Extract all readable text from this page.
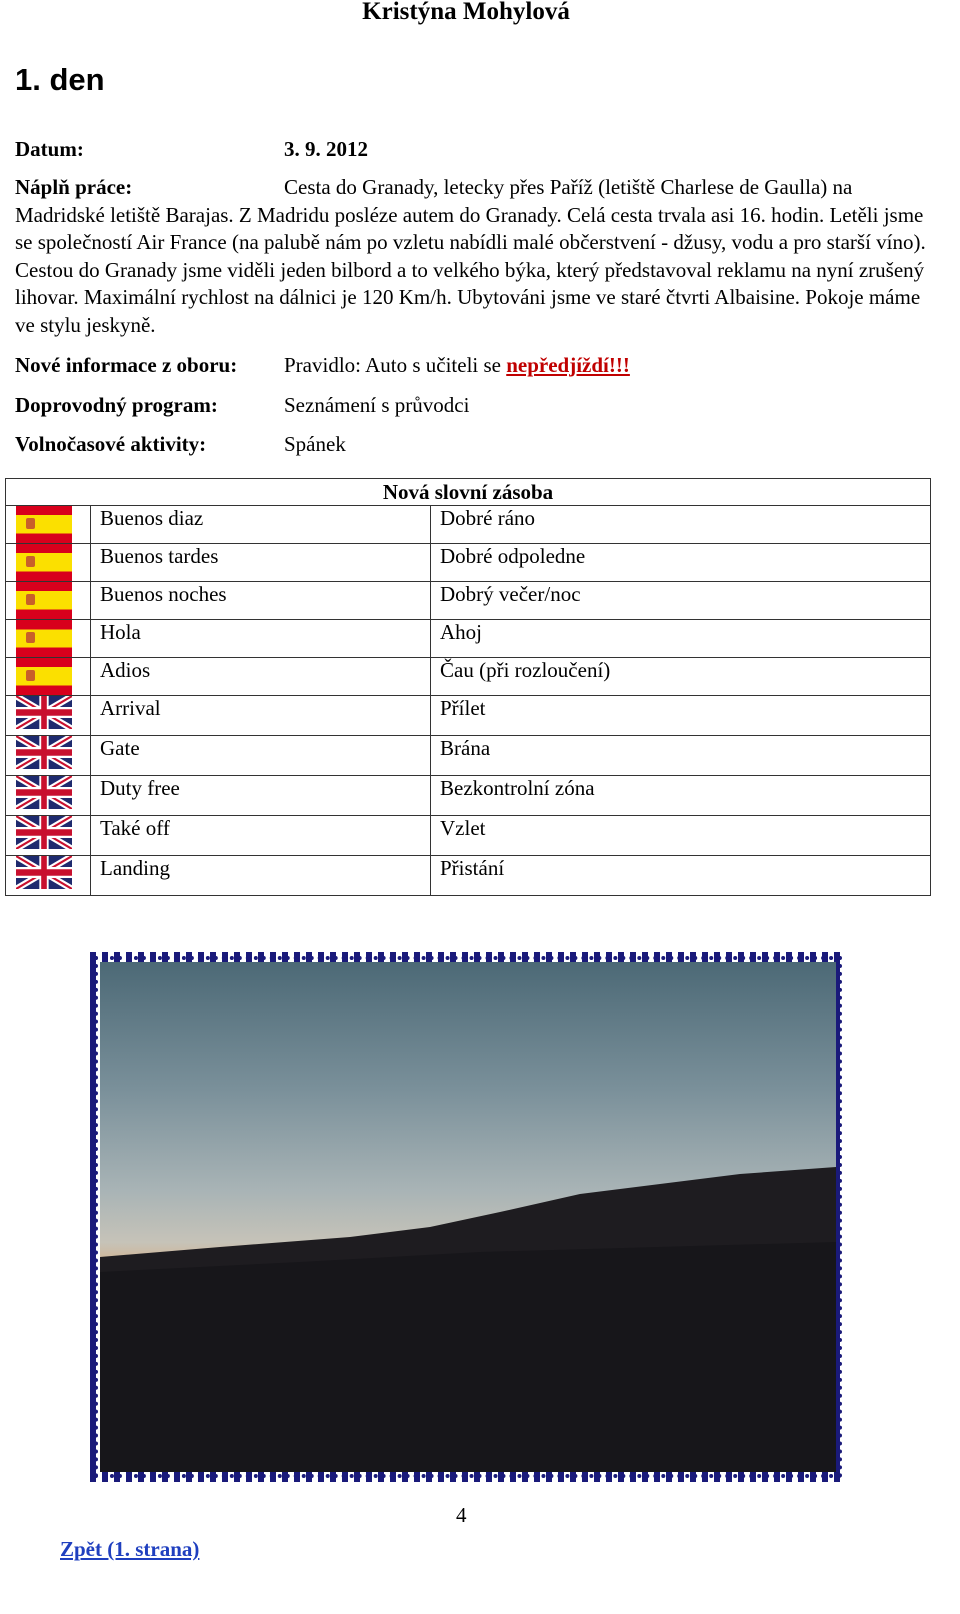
Kristýna Mohylová
1. den
Datum:	3. 9. 2012
Náplň práce:	Cesta do Granady, letecky přes Paříž (letiště Charlese de Gaulla) na Madridské letiště Barajas. Z Madridu posléze autem do Granady. Celá cesta trvala asi 16. hodin. Letěli jsme se společností Air France (na palubě nám po vzletu nabídli malé občerstvení - džusy, vodu a pro starší víno). Cestou do Granady jsme viděli jeden bilbord a to velkého býka, který představoval reklamu na nyní zrušený lihovar. Maximální rychlost na dálnici je 120 Km/h. Ubytováni jsme ve staré čtvrti Albaisine. Pokoje máme ve stylu jeskyně.
Nové informace z oboru: Pravidlo: Auto s učiteli se nepředjíždí!!!
Doprovodný program:	Seznámení s průvodci
Volnočasové aktivity:	Spánek
Nová slovní zásoba		

	Buenos diaz	Dobré ráno

	Buenos tardes	Dobré odpoledne

	Buenos noches	Dobrý večer/noc

	Hola	Ahoj

	Adios	Čau (při rozloučení)

	Arrival	Přílet

	Gate	Brána

	Duty free	Bezkontrolní zóna

	Také off	Vzlet

	Landing	Přistání
4
Zpět (1. strana)
